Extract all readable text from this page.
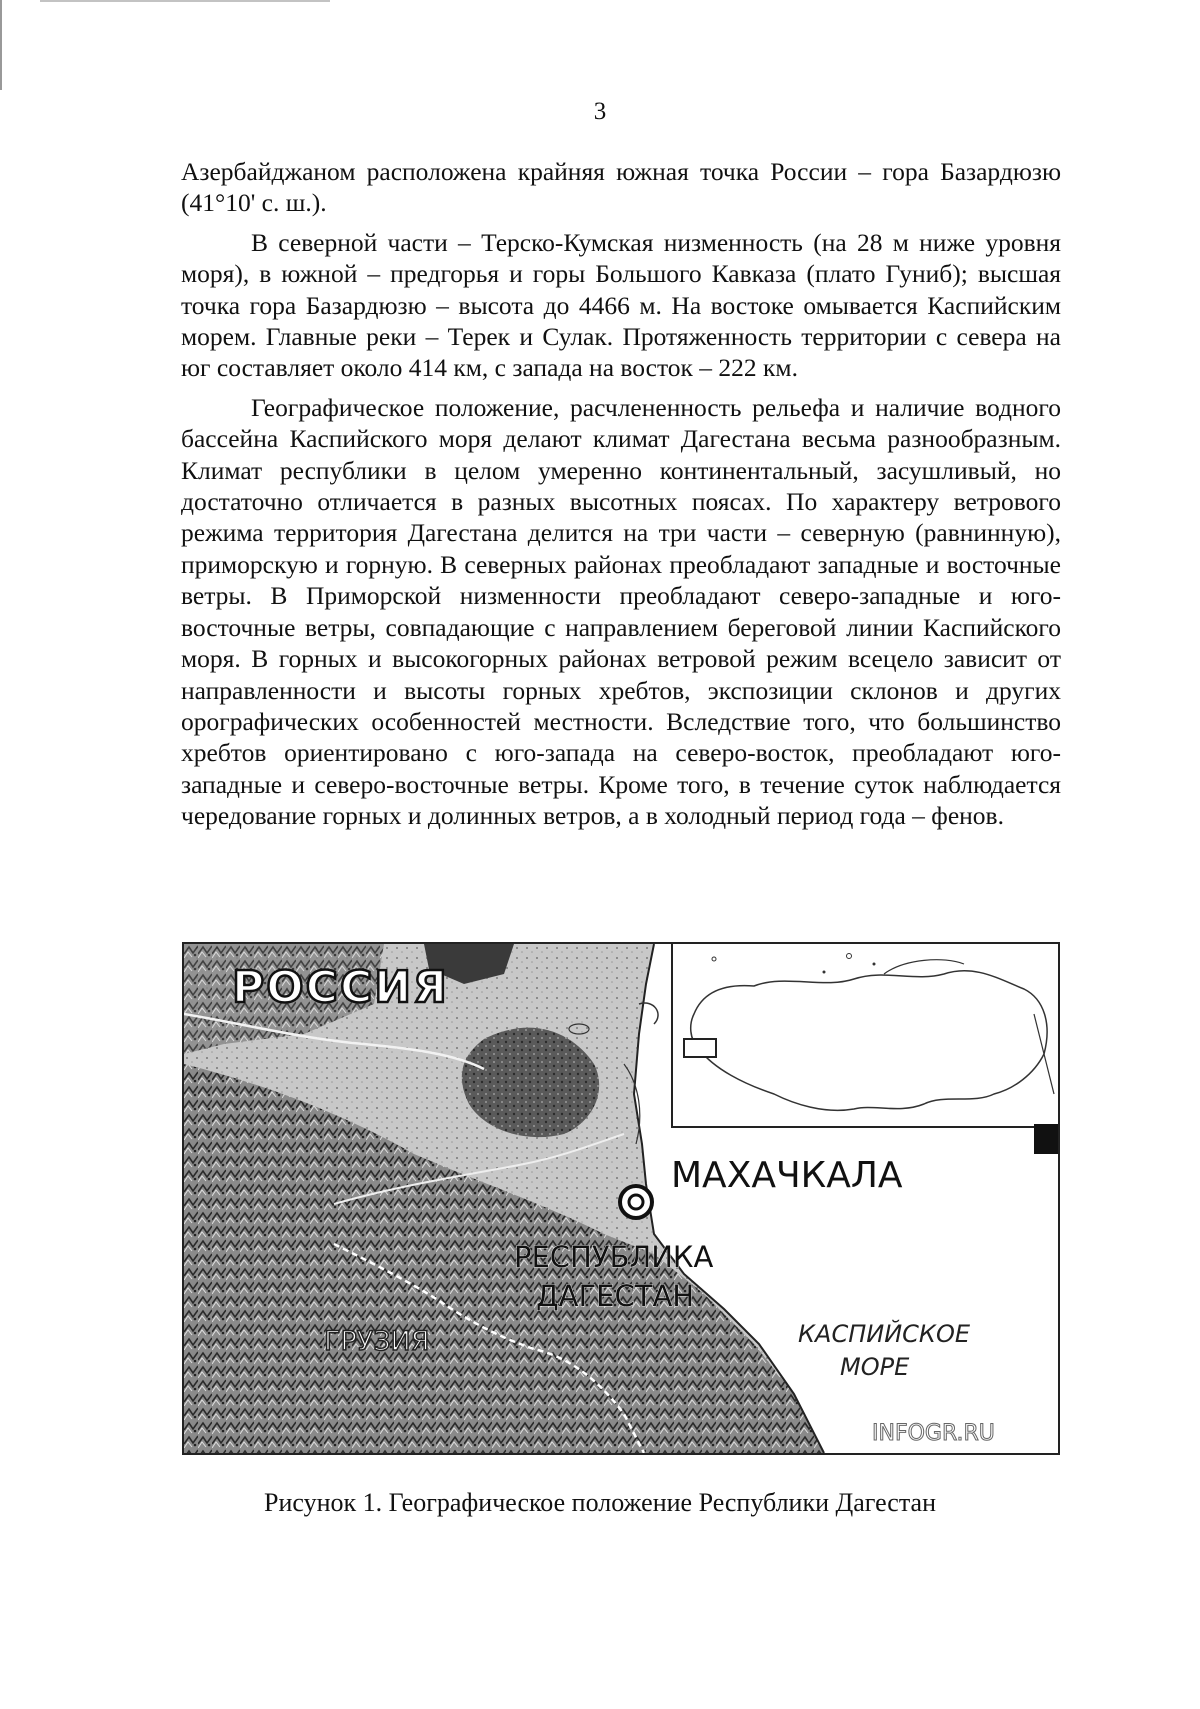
3

Азербайджаном расположена крайняя южная точка России – гора Базардюзю (41°10' с. ш.).

В северной части – Терско-Кумская низменность (на 28 м ниже уровня моря), в южной – предгорья и горы Большого Кавказа (плато Гуниб); высшая точка гора Базардюзю – высота до 4466 м. На востоке омывается Каспийским морем. Главные реки – Терек и Сулак. Протяженность территории с севера на юг составляет около 414 км, с запада на восток – 222 км.

Географическое положение, расчлененность рельефа и наличие водного бассейна Каспийского моря делают климат Дагестана весьма разнообразным. Климат республики в целом умеренно континентальный, засушливый, но достаточно отличается в разных высотных поясах. По характеру ветрового режима территория Дагестана делится на три части – северную (равнинную), приморскую и горную. В северных районах преобладают западные и восточные ветры. В Приморской низменности преобладают северо-западные и юго-восточные ветры, совпадающие с направлением береговой линии Каспийского моря. В горных и высокогорных районах ветровой режим всецело зависит от направленности и высоты горных хребтов, экспозиции склонов и других орографических особенностей местности. Вследствие того, что большинство хребтов ориентировано с юго-запада на северо-восток, преобладают юго-западные и северо-восточные ветры. Кроме того, в течение суток наблюдается чередование горных и долинных ветров, а в холодный период года – фенов.

РОССИЯ
МАХАЧКАЛА
РЕСПУБЛИКА
ДАГЕСТАН
ГРУЗИЯ	КАСПИЙСКОЕ
МОРЕ
INFOGR.RU
Рисунок 1. Географическое положение Республики Дагестан
